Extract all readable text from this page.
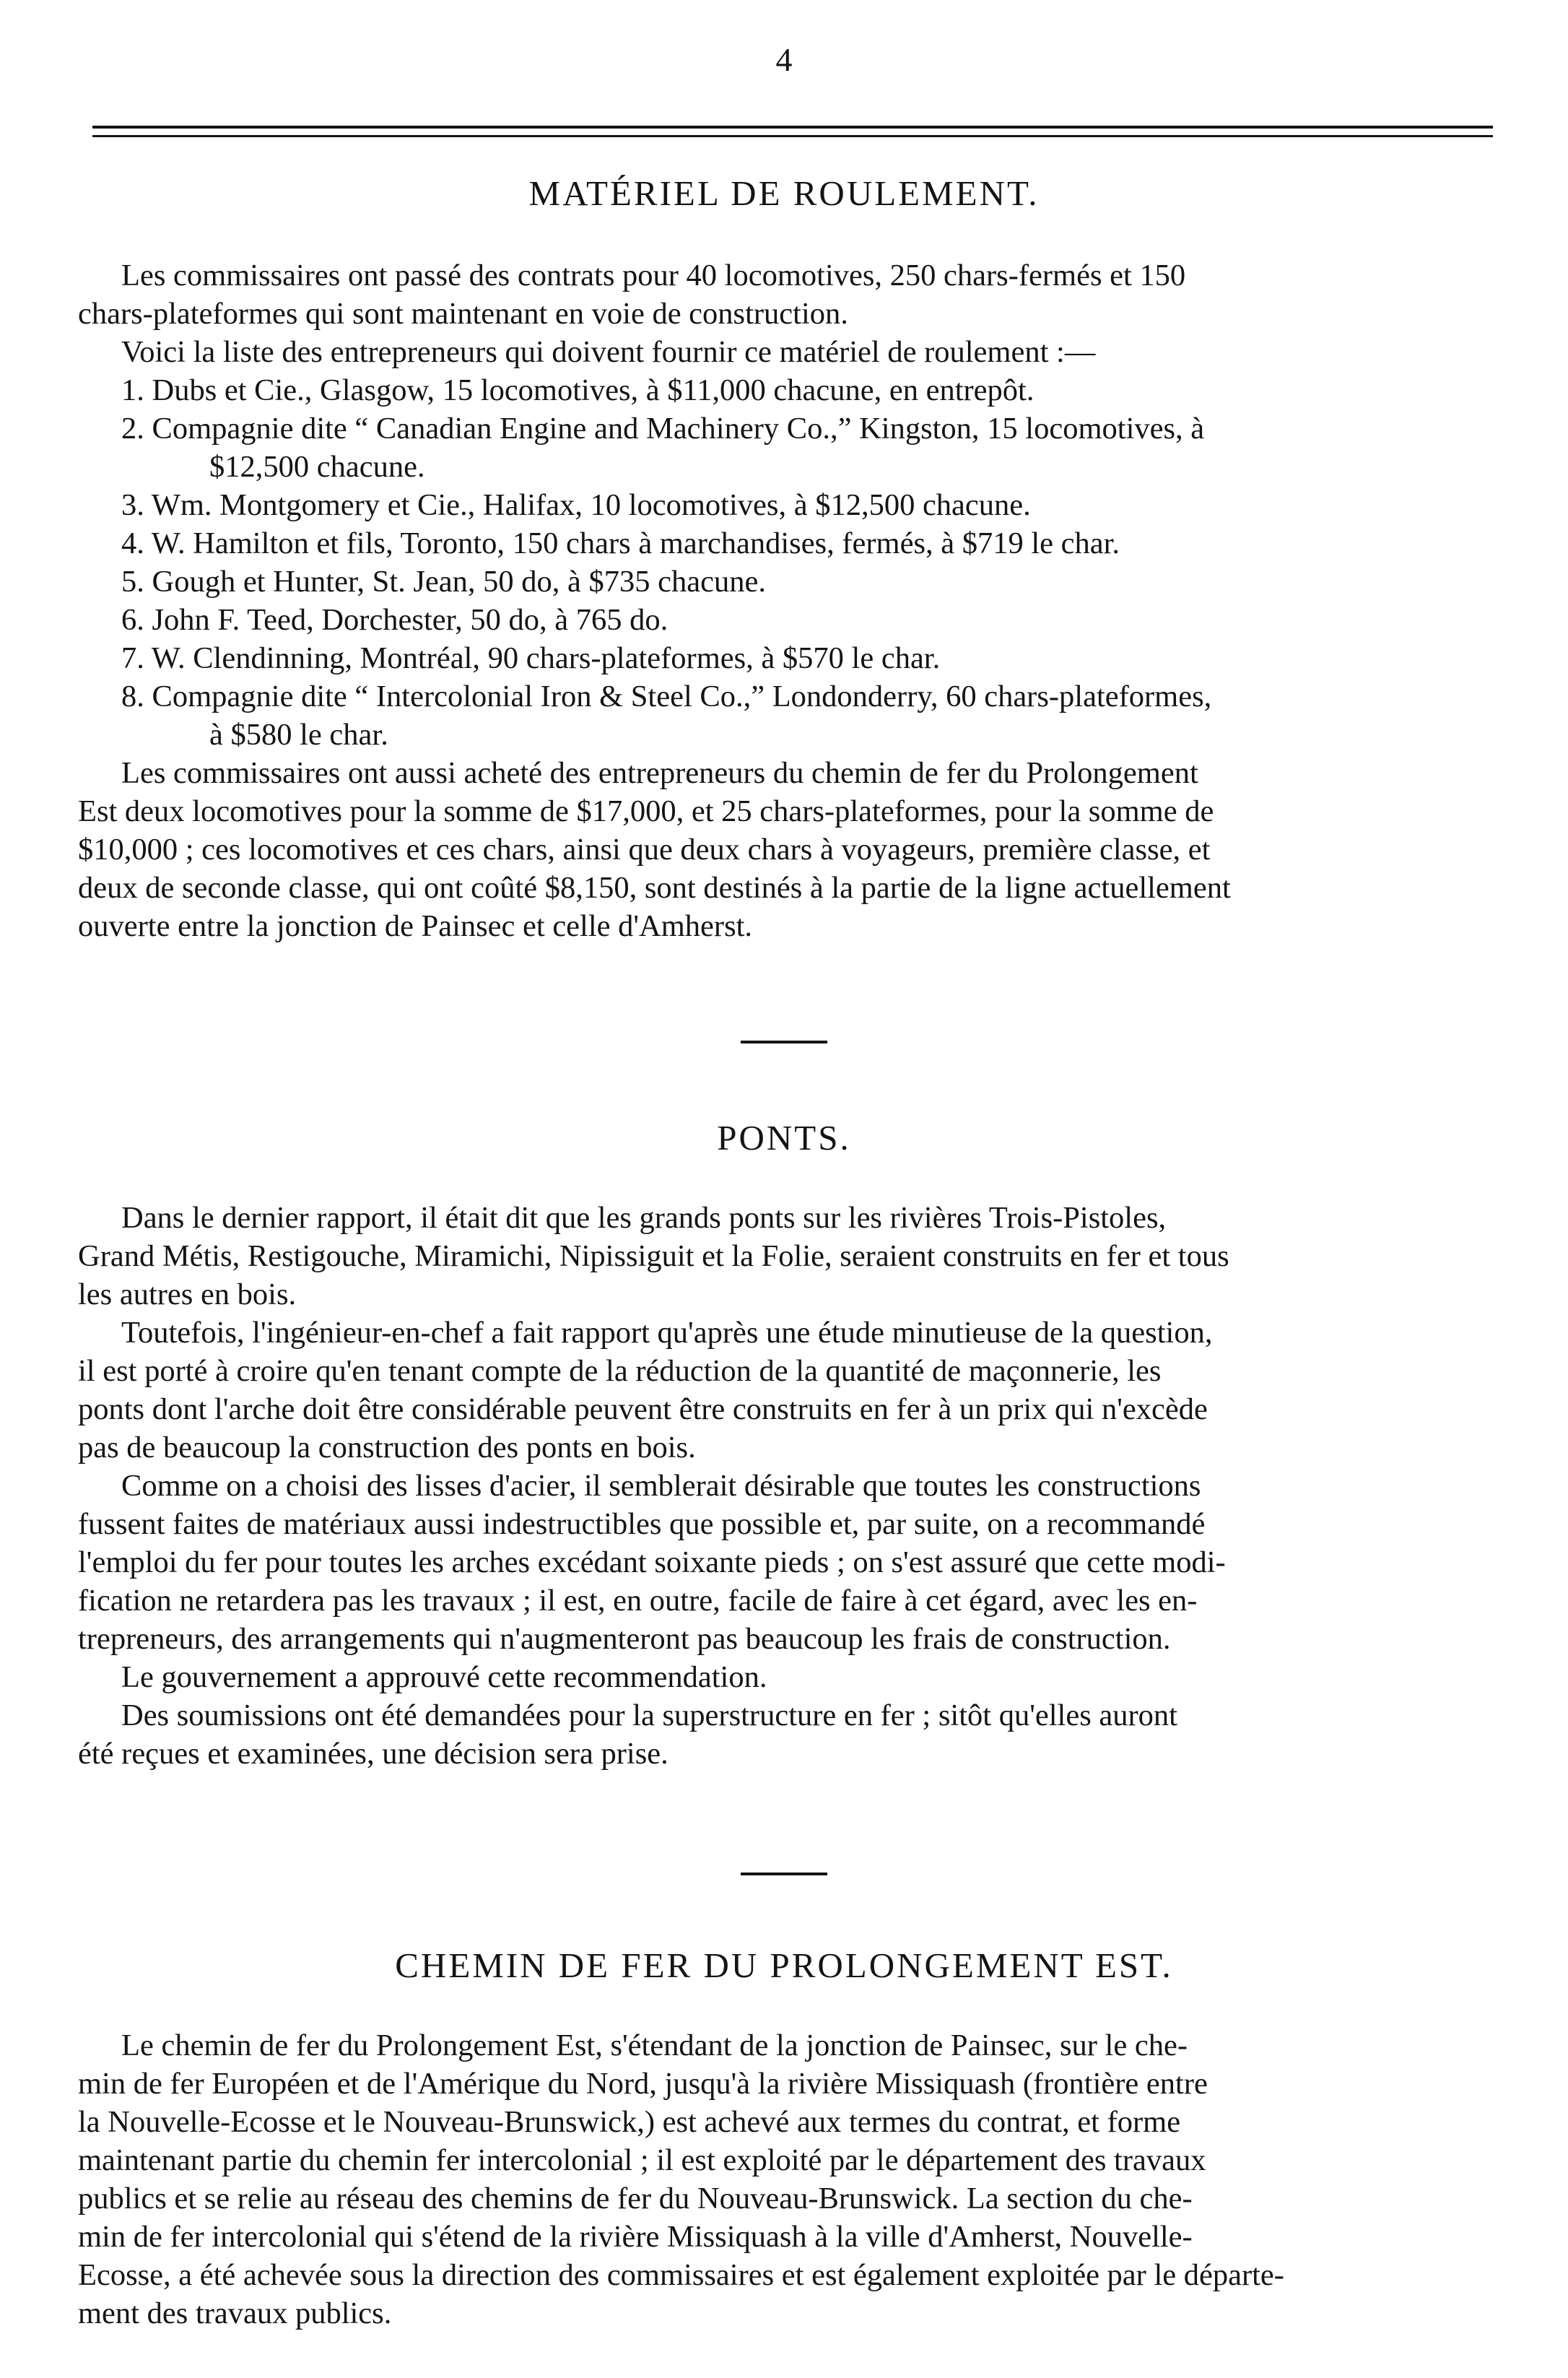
4
MATÉRIEL DE ROULEMENT.

Les commissaires ont passé des contrats pour 40 locomotives, 250 chars-fermés et 150

chars-plateformes qui sont maintenant en voie de construction.

Voici la liste des entrepreneurs qui doivent fournir ce matériel de roulement :—

1. Dubs et Cie., Glasgow, 15 locomotives, à $11,000 chacune, en entrepôt.

2. Compagnie dite “ Canadian Engine and Machinery Co.,” Kingston, 15 locomotives, à

$12,500 chacune.

3. Wm. Montgomery et Cie., Halifax, 10 locomotives, à $12,500 chacune.

4. W. Hamilton et fils, Toronto, 150 chars à marchandises, fermés, à $719 le char.

5. Gough et Hunter, St. Jean, 50 do, à $735 chacune.

6. John F. Teed, Dorchester, 50 do, à 765 do.

7. W. Clendinning, Montréal, 90 chars-plateformes, à $570 le char.

8. Compagnie dite “ Intercolonial Iron & Steel Co.,” Londonderry, 60 chars-plateformes,

à $580 le char.

Les commissaires ont aussi acheté des entrepreneurs du chemin de fer du Prolongement

Est deux locomotives pour la somme de $17,000, et 25 chars-plateformes, pour la somme de

$10,000 ; ces locomotives et ces chars, ainsi que deux chars à voyageurs, première classe, et

deux de seconde classe, qui ont coûté $8,150, sont destinés à la partie de la ligne actuellement

ouverte entre la jonction de Painsec et celle d'Amherst.

PONTS.

Dans le dernier rapport, il était dit que les grands ponts sur les rivières Trois-Pistoles,

Grand Métis, Restigouche, Miramichi, Nipissiguit et la Folie, seraient construits en fer et tous

les autres en bois.

Toutefois, l'ingénieur-en-chef a fait rapport qu'après une étude minutieuse de la question,

il est porté à croire qu'en tenant compte de la réduction de la quantité de maçonnerie, les

ponts dont l'arche doit être considérable peuvent être construits en fer à un prix qui n'excède

pas de beaucoup la construction des ponts en bois.

Comme on a choisi des lisses d'acier, il semblerait désirable que toutes les constructions

fussent faites de matériaux aussi indestructibles que possible et, par suite, on a recommandé

l'emploi du fer pour toutes les arches excédant soixante pieds ; on s'est assuré que cette modi-

fication ne retardera pas les travaux ; il est, en outre, facile de faire à cet égard, avec les en-

trepreneurs, des arrangements qui n'augmenteront pas beaucoup les frais de construction.

Le gouvernement a approuvé cette recommendation.

Des soumissions ont été demandées pour la superstructure en fer ; sitôt qu'elles auront

été reçues et examinées, une décision sera prise.

CHEMIN DE FER DU PROLONGEMENT EST.

Le chemin de fer du Prolongement Est, s'étendant de la jonction de Painsec, sur le che-

min de fer Européen et de l'Amérique du Nord, jusqu'à la rivière Missiquash (frontière entre

la Nouvelle-Ecosse et le Nouveau-Brunswick,) est achevé aux termes du contrat, et forme

maintenant partie du chemin fer intercolonial ; il est exploité par le département des travaux

publics et se relie au réseau des chemins de fer du Nouveau-Brunswick. La section du che-

min de fer intercolonial qui s'étend de la rivière Missiquash à la ville d'Amherst, Nouvelle-

Ecosse, a été achevée sous la direction des commissaires et est également exploitée par le départe-

ment des travaux publics.
